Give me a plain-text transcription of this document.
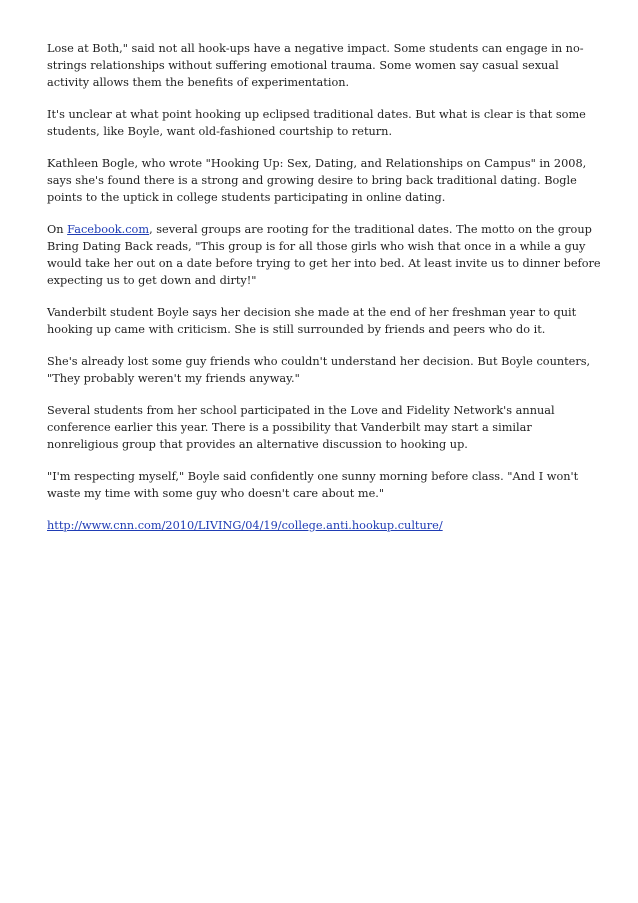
Lose at Both," said not all hook-ups have a negative impact. Some students can engage in no-strings relationships without suffering emotional trauma. Some women say casual sexual activity allows them the benefits of experimentation.

It's unclear at what point hooking up eclipsed traditional dates. But what is clear is that some students, like Boyle, want old-fashioned courtship to return.

Kathleen Bogle, who wrote "Hooking Up: Sex, Dating, and Relationships on Campus" in 2008, says she's found there is a strong and growing desire to bring back traditional dating. Bogle points to the uptick in college students participating in online dating.

On Facebook.com, several groups are rooting for the traditional dates. The motto on the group Bring Dating Back reads, "This group is for all those girls who wish that once in a while a guy would take her out on a date before trying to get her into bed. At least invite us to dinner before expecting us to get down and dirty!"

Vanderbilt student Boyle says her decision she made at the end of her freshman year to quit hooking up came with criticism. She is still surrounded by friends and peers who do it.

She's already lost some guy friends who couldn't understand her decision. But Boyle counters, "They probably weren't my friends anyway."

Several students from her school participated in the Love and Fidelity Network's annual conference earlier this year. There is a possibility that Vanderbilt may start a similar nonreligious group that provides an alternative discussion to hooking up.

"I'm respecting myself," Boyle said confidently one sunny morning before class. "And I won't waste my time with some guy who doesn't care about me."

http://www.cnn.com/2010/LIVING/04/19/college.anti.hookup.culture/
